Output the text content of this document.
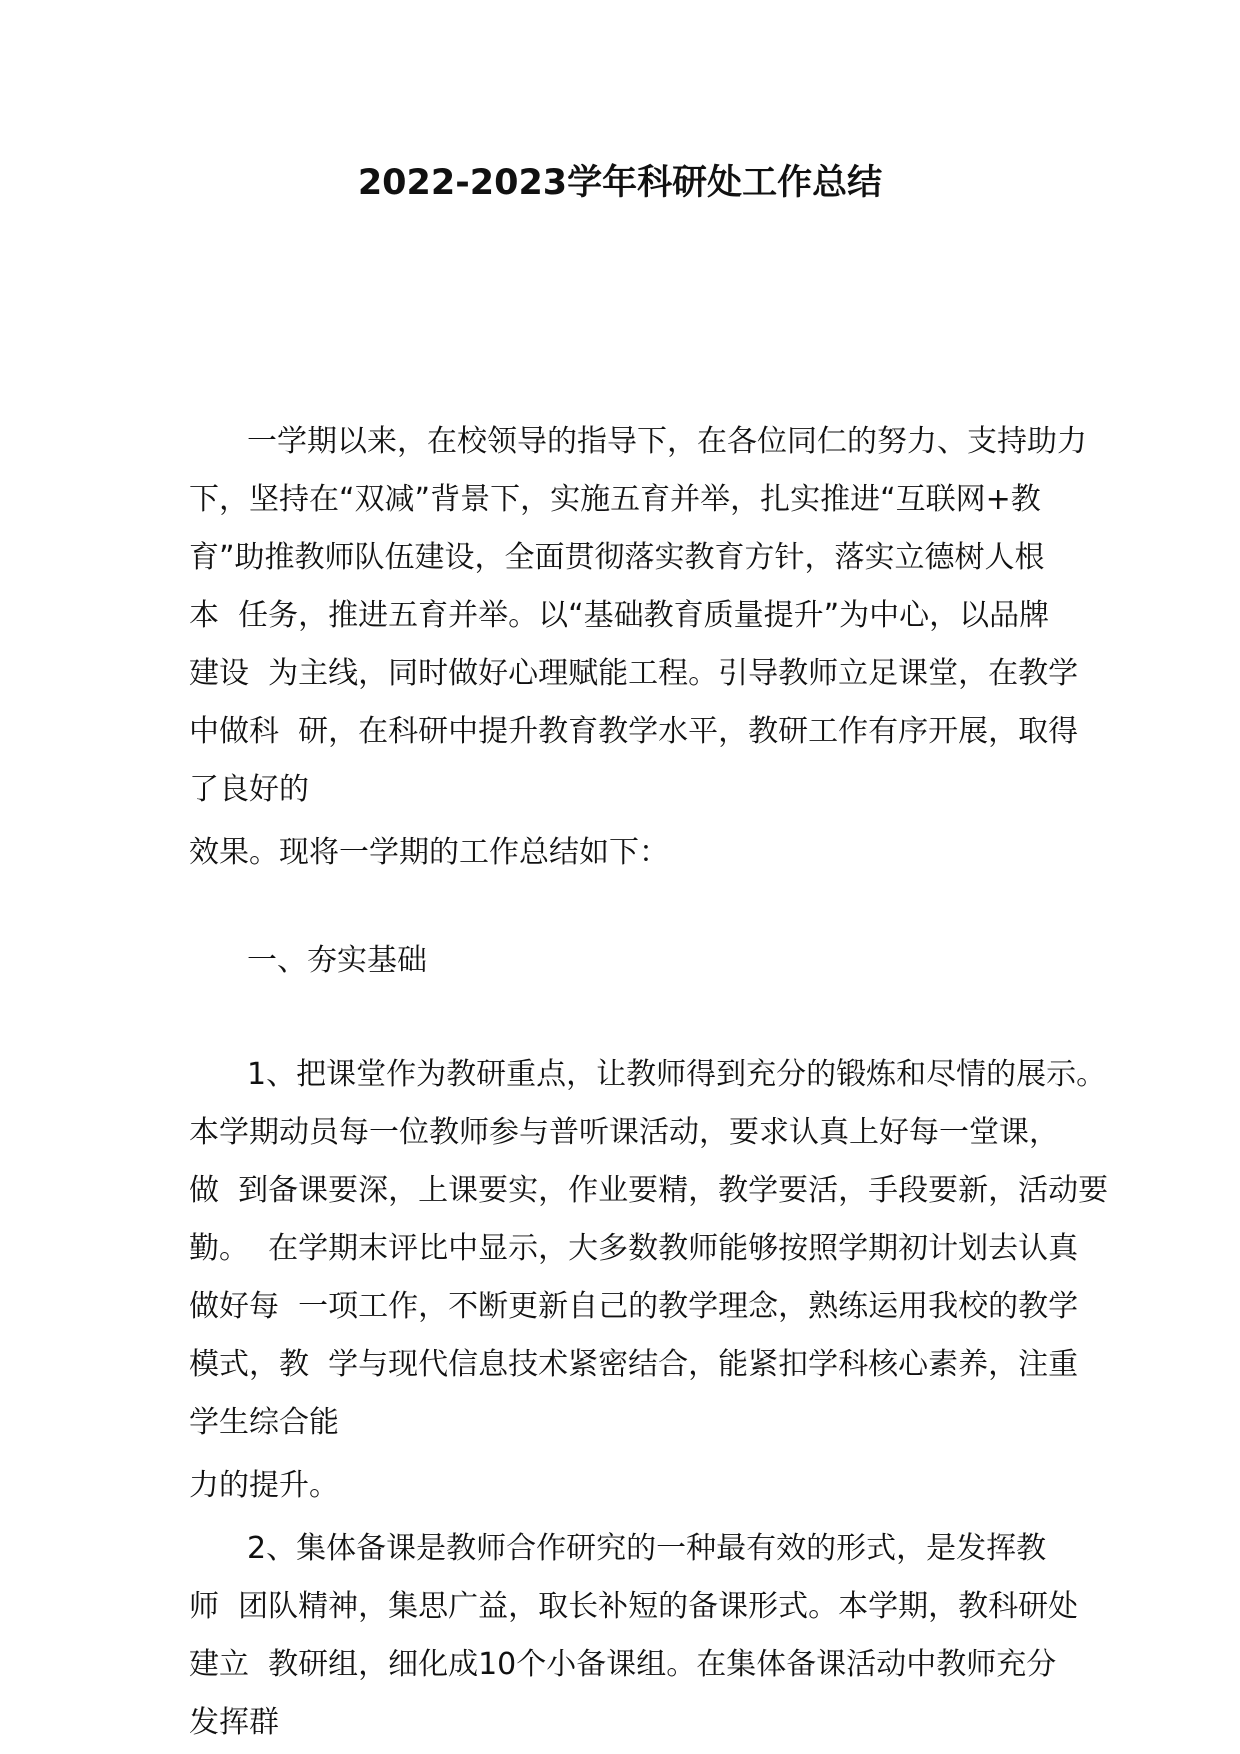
2022-2023学年科研处工作总结

一学期以来，在校领导的指导下，在各位同仁的努力、支持助力

下，坚持在“双减”背景下，实施五育并举，扎实推进“互联网+教

育”助推教师队伍建设，全面贯彻落实教育方针，落实立德树人根

本  任务，推进五育并举。以“基础教育质量提升”为中心，以品牌

建设  为主线，同时做好心理赋能工程。引导教师立足课堂，在教学

中做科  研，在科研中提升教育教学水平，教研工作有序开展，取得

了良好的

效果。现将一学期的工作总结如下：

一、夯实基础

1、把课堂作为教研重点，让教师得到充分的锻炼和尽情的展示。

本学期动员每一位教师参与普听课活动，要求认真上好每一堂课，

做  到备课要深，上课要实，作业要精，教学要活，手段要新，活动要

勤。  在学期末评比中显示，大多数教师能够按照学期初计划去认真

做好每  一项工作，不断更新自己的教学理念，熟练运用我校的教学

模式，教  学与现代信息技术紧密结合，能紧扣学科核心素养，注重

学生综合能

力的提升。

2、集体备课是教师合作研究的一种最有效的形式，是发挥教

师  团队精神，集思广益，取长补短的备课形式。本学期，教科研处

建立  教研组，细化成10个小备课组。在集体备课活动中教师充分

发挥群
